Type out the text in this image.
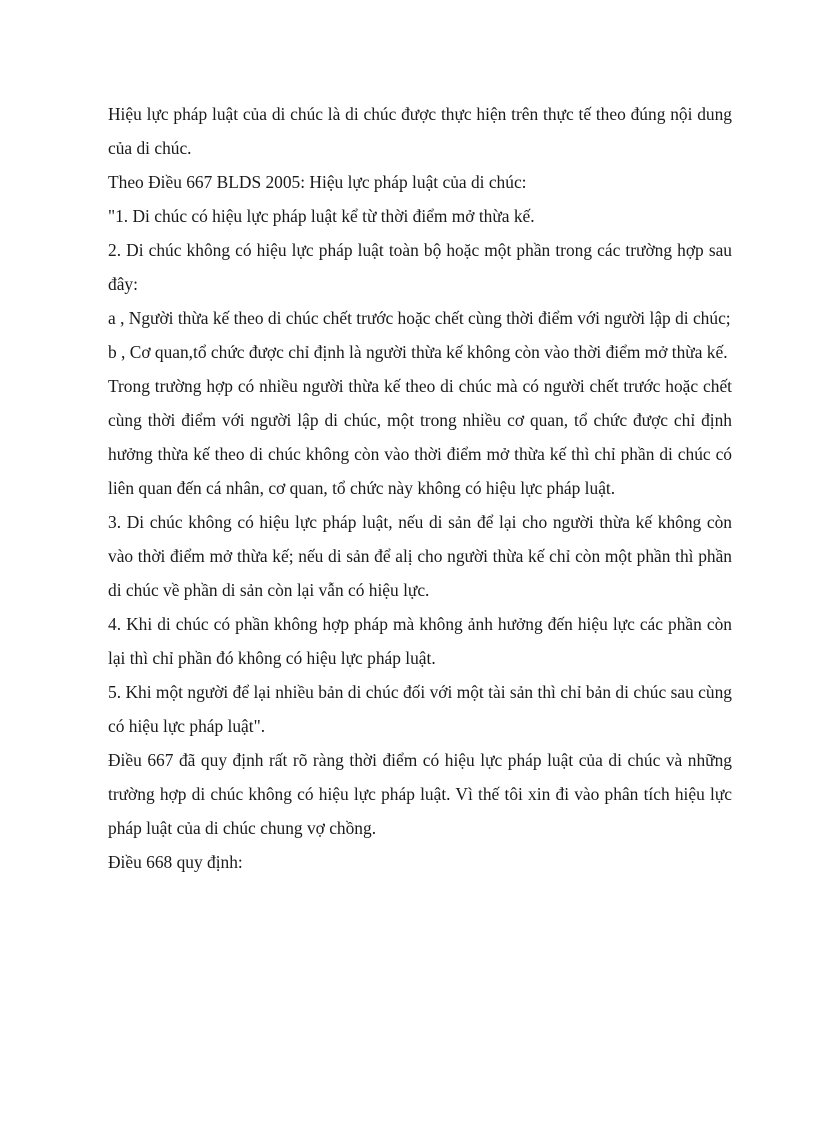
Hiệu lực pháp luật của di chúc là di chúc được thực hiện trên thực tế theo đúng nội dung của di chúc.

Theo Điều 667 BLDS 2005: Hiệu lực pháp luật của di chúc:

"1. Di chúc có hiệu lực pháp luật kể từ thời điểm mở thừa kế.

2. Di chúc không có hiệu lực pháp luật toàn bộ hoặc một phần trong các trường hợp sau đây:

a , Người thừa kế theo di chúc chết trước hoặc chết cùng thời điểm với người lập di chúc;

b , Cơ quan,tổ chức được chỉ định là người thừa kế không còn vào thời điểm mở thừa kế.

Trong trường hợp có nhiều người thừa kế theo di chúc mà có người chết trước hoặc chết cùng thời điểm với người lập di chúc, một trong nhiều cơ quan, tổ chức được chỉ định hưởng thừa kế theo di chúc không còn vào thời điểm mở thừa kế thì chỉ phần di chúc có liên quan đến cá nhân, cơ quan, tổ chức này không có hiệu lực pháp luật.

3. Di chúc không có hiệu lực pháp luật, nếu di sản để lại cho người thừa kế không còn vào thời điểm mở thừa kế; nếu di sản để alị cho người thừa kế chỉ còn một phần thì phần di chúc về phần di sản còn lại vẫn có hiệu lực.

4. Khi di chúc có phần không hợp pháp mà không ảnh hưởng đến hiệu lực các phần còn lại thì chỉ phần đó không có hiệu lực pháp luật.

5. Khi một người để lại nhiều bản di chúc đối với một tài sản thì chỉ bản di chúc sau cùng có hiệu lực pháp luật".

Điều 667 đã quy định rất rõ ràng thời điểm có hiệu lực pháp luật của di chúc và những trường hợp di chúc không có hiệu lực pháp luật. Vì thế tôi xin đi vào phân tích hiệu lực pháp luật của di chúc chung vợ chồng.

Điều 668 quy định:
